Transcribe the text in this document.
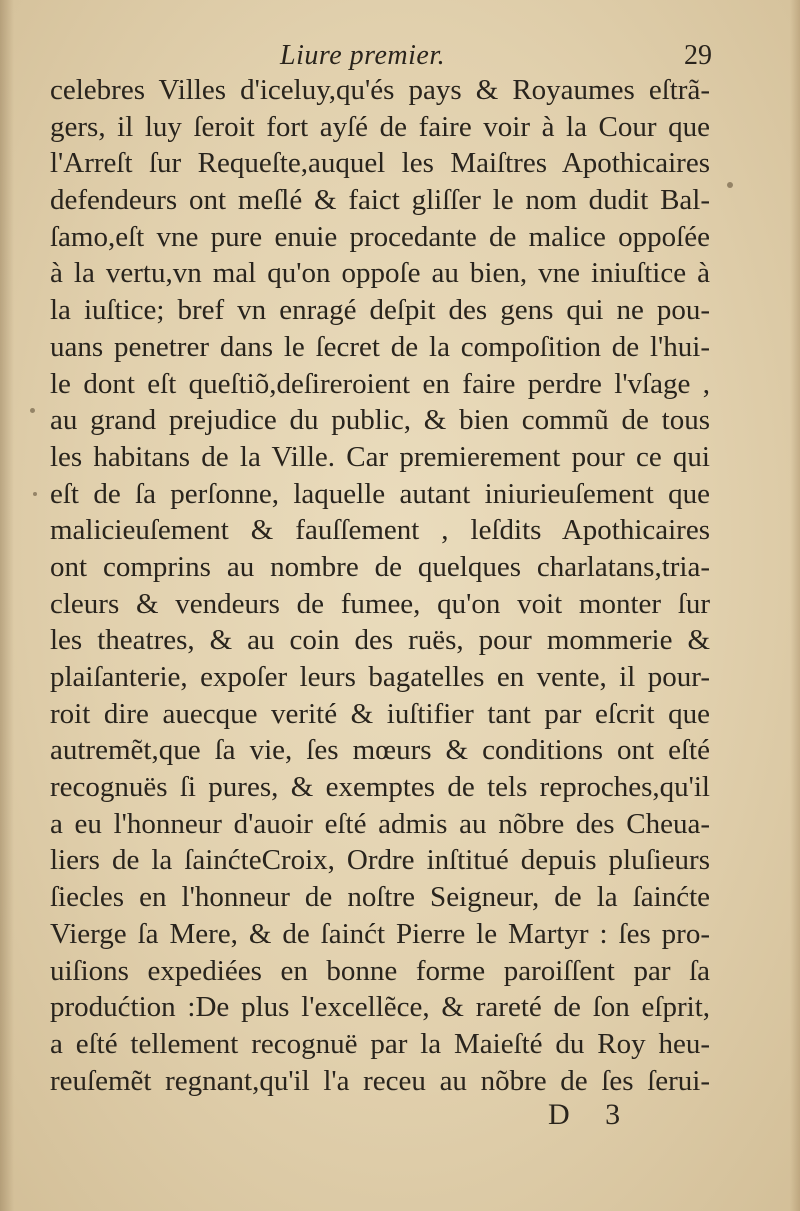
Liure premier.	29
celebres Villes d'iceluy,qu'és pays & Royaumes eſtrã-
gers, il luy ſeroit fort ayſé de faire voir à la Cour que
l'Arreſt ſur Requeſte,auquel les Maiſtres Apothicaires
defendeurs ont meſlé & faict gliſſer le nom dudit Bal-
ſamo,eſt vne pure enuie procedante de malice oppoſée
à la vertu,vn mal qu'on oppoſe au bien, vne iniuſtice à
la iuſtice; bref vn enragé deſpit des gens qui ne pou-
uans penetrer dans le ſecret de la compoſition de l'hui-
le dont eſt queſtiõ,deſireroient en faire perdre l'vſage ,
au grand prejudice du public, & bien commũ de tous
les habitans de la Ville. Car premierement pour ce qui
eſt de ſa perſonne, laquelle autant iniurieuſement que
malicieuſement & fauſſement , leſdits Apothicaires
ont comprins au nombre de quelques charlatans,tria-
cleurs & vendeurs de fumee, qu'on voit monter ſur
les theatres, & au coin des ruës, pour mommerie &
plaiſanterie, expoſer leurs bagatelles en vente, il pour-
roit dire auecque verité & iuſtifier tant par eſcrit que
autremẽt,que ſa vie, ſes mœurs & conditions ont eſté
recognuës ſi pures, & exemptes de tels reproches,qu'il
a eu l'honneur d'auoir eſté admis au nõbre des Cheua-
liers de la ſainćteCroix, Ordre inſtitué depuis pluſieurs
ſiecles en l'honneur de noſtre Seigneur, de la ſainćte
Vierge ſa Mere, & de ſainćt Pierre le Martyr : ſes pro-
uiſions expediées en bonne forme paroiſſent par ſa
produćtion :De plus l'excellẽce, & rareté de ſon eſprit,
a eſté tellement recognuë par la Maieſté du Roy heu-
reuſemẽt regnant,qu'il l'a receu au nõbre de ſes ſerui-
D 3
